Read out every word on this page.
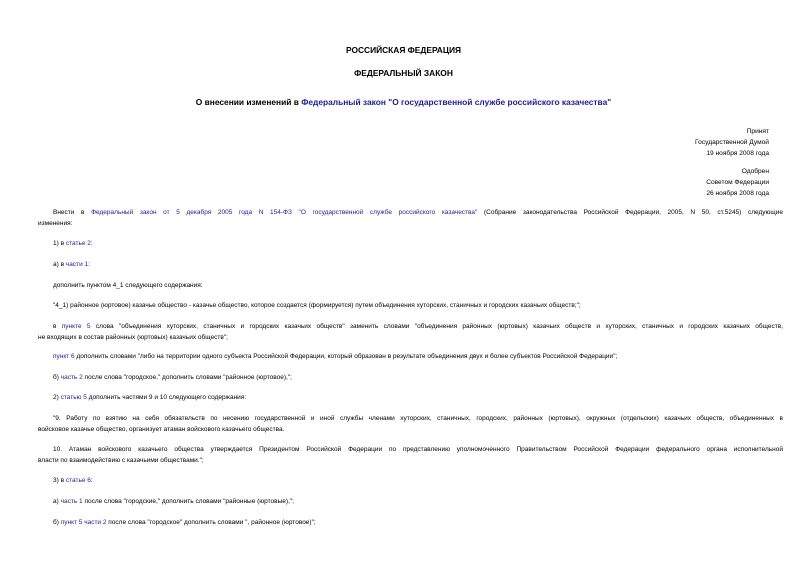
РОССИЙСКАЯ ФЕДЕРАЦИЯ
ФЕДЕРАЛЬНЫЙ ЗАКОН
О внесении изменений в Федеральный закон "О государственной службе российского казачества"
Принят
Государственной Думой
19 ноября 2008 года
Одобрен
Советом Федерации
26 ноября 2008 года
Внести в Федеральный закон от 5 декабря 2005 года N 154-ФЗ "О государственной службе российского казачества" (Собрание законодательства Российской Федерации, 2005, N 50, ст.5245) следующие
изменения:
1) в статье 2:
а) в части 1:
дополнить пунктом 4_1 следующего содержания:
"4_1) районное (юртовое) казачье общество - казачье общество, которое создается (формируется) путем объединения хуторских, станичных и городских казачьих обществ;";
в пункте 5 слова "объединения хуторских, станичных и городских казачьих обществ" заменить словами "объединения районных (юртовых) казачьих обществ и хуторских, станичных и городских казачьих обществ,
не входящих в состав районных (юртовых) казачьих обществ";
пункт 6 дополнить словами "либо на территории одного субъекта Российской Федерации, который образован в результате объединения двух и более субъектов Российской Федерации";
б) часть 2 после слова "городское," дополнить словами "районное (юртовое),";
2) статью 5 дополнить частями 9 и 10 следующего содержания:
"9. Работу по взятию на себя обязательств по несению государственной и иной службы членами хуторских, станичных, городских, районных (юртовых), окружных (отдельских) казачьих обществ, объединенных в
войсковое казачье общество, организует атаман войскового казачьего общества.
10. Атаман войскового казачьего общества утверждается Президентом Российской Федерации по представлению уполномоченного Правительством Российской Федерации федерального органа исполнительной
власти по взаимодействию с казачьими обществами.";
3) в статье 6:
а) часть 1 после слова "городские," дополнить словами "районные (юртовые),";
б) пункт 5 части 2 после слова "городское" дополнить словами ", районное (юртовое)";
